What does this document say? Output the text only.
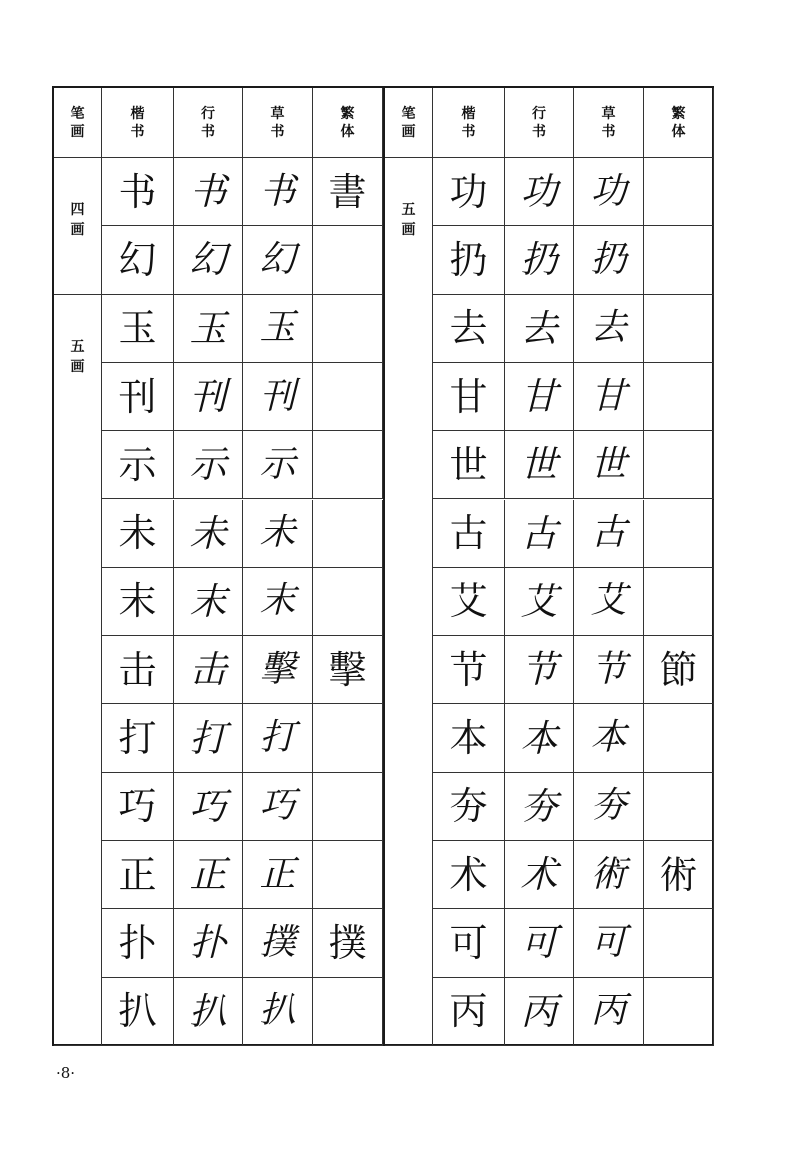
笔
画
楷
书
行
书
草
书
繁
体
四
画
五
画
书 书 书 書
幻 幻 幻
玉 玉 玉
刊 刊 刊
示 示 示
未 未 未
末 末 末
击 击 擊 擊
打 打 打
巧 巧 巧
正 正 正
扑 扑 撲 撲
扒 扒 扒
笔
画
楷
书
行
书
草
书
繁
体
五
画
功 功 功
扔 扔 扔
去 去 去
甘 甘 甘
世 世 世
古 古 古
艾 艾 艾
节 节 节 節
本 本 本
夯 夯 夯
术 术 術 術
可 可 可
丙 丙 丙
·8·
